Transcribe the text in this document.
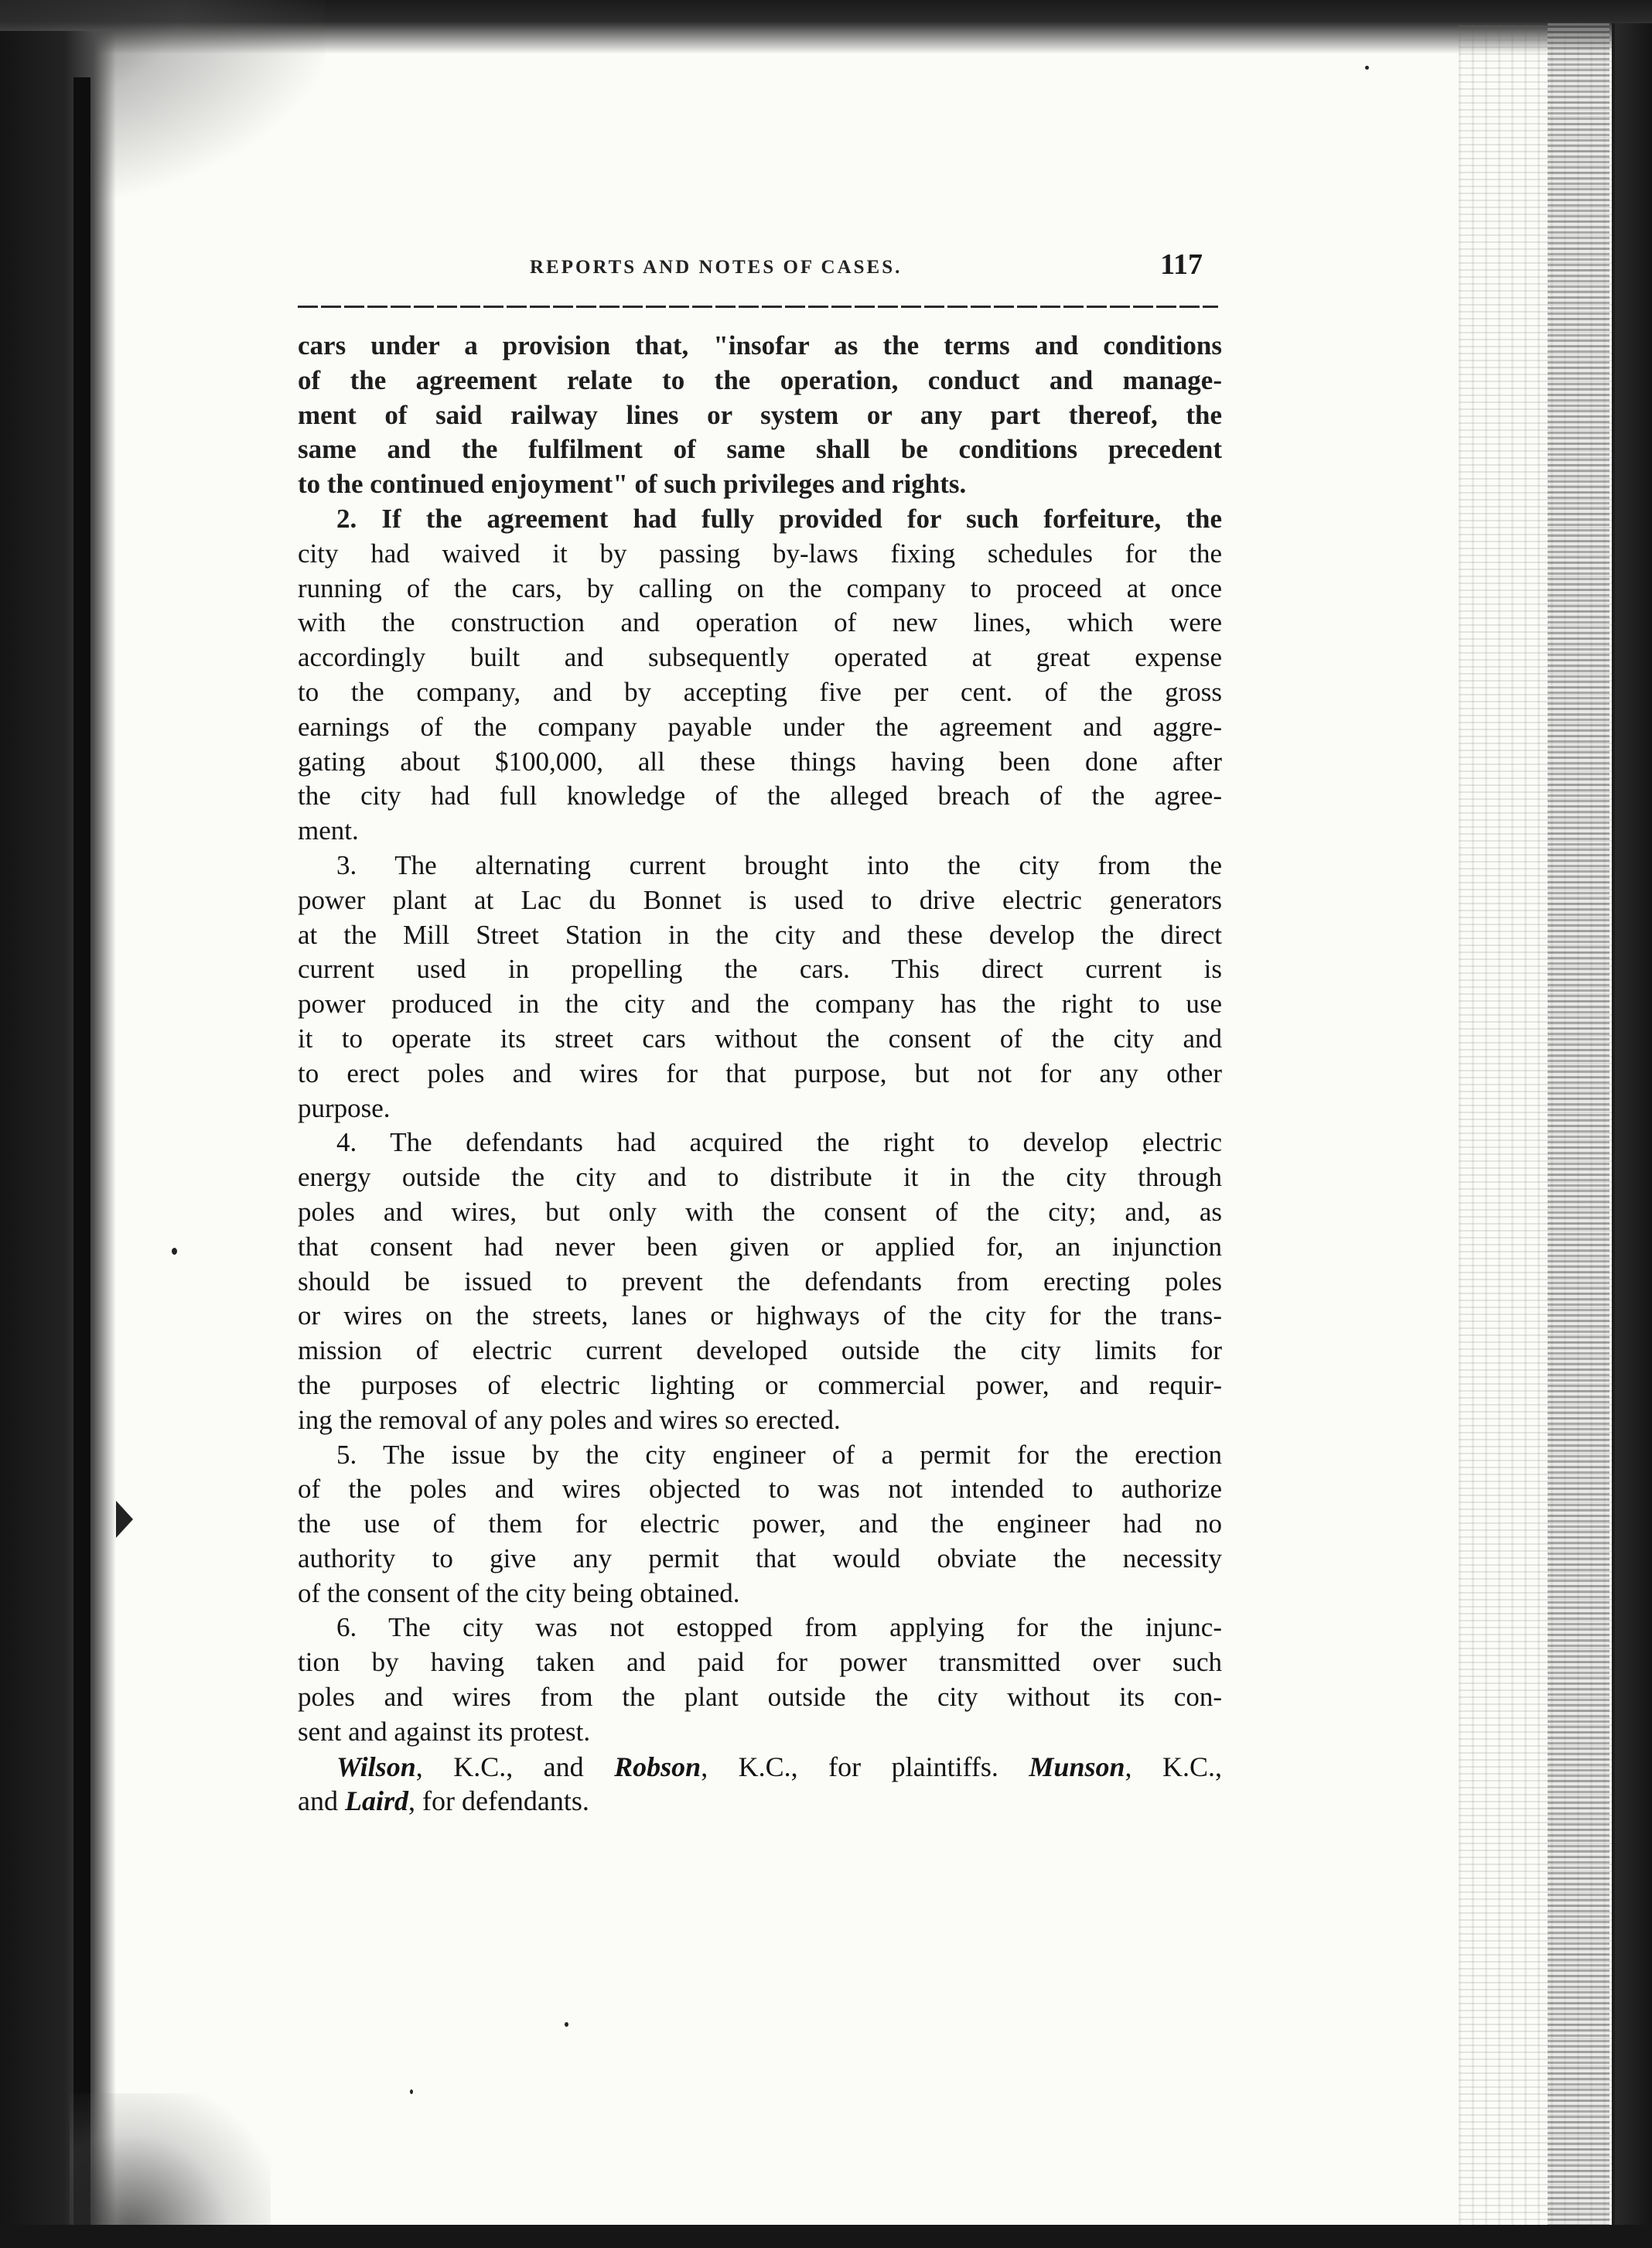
REPORTS AND NOTES OF CASES.	117
cars under a provision that, "insofar as the terms and conditions
of the agreement relate to the operation, conduct and manage-
ment of said railway lines or system or any part thereof, the
same and the fulfilment of same shall be conditions precedent
to the continued enjoyment" of such privileges and rights.
2. If the agreement had fully provided for such forfeiture, the
city had waived it by passing by-laws fixing schedules for the
running of the cars, by calling on the company to proceed at once
with the construction and operation of new lines, which were
accordingly built and subsequently operated at great expense
to the company, and by accepting five per cent. of the gross
earnings of the company payable under the agreement and aggre-
gating about $100,000, all these things having been done after
the city had full knowledge of the alleged breach of the agree-
ment.
3. The alternating current brought into the city from the
power plant at Lac du Bonnet is used to drive electric generators
at the Mill Street Station in the city and these develop the direct
current used in propelling the cars. This direct current is
power produced in the city and the company has the right to use
it to operate its street cars without the consent of the city and
to erect poles and wires for that purpose, but not for any other
purpose.
4. The defendants had acquired the right to develop electric
energy outside the city and to distribute it in the city through
poles and wires, but only with the consent of the city; and, as
that consent had never been given or applied for, an injunction
should be issued to prevent the defendants from erecting poles
or wires on the streets, lanes or highways of the city for the trans-
mission of electric current developed outside the city limits for
the purposes of electric lighting or commercial power, and requir-
ing the removal of any poles and wires so erected.
5. The issue by the city engineer of a permit for the erection
of the poles and wires objected to was not intended to authorize
the use of them for electric power, and the engineer had no
authority to give any permit that would obviate the necessity
of the consent of the city being obtained.
6. The city was not estopped from applying for the injunc-
tion by having taken and paid for power transmitted over such
poles and wires from the plant outside the city without its con-
sent and against its protest.
Wilson, K.C., and Robson, K.C., for plaintiffs. Munson, K.C.,
and Laird, for defendants.
